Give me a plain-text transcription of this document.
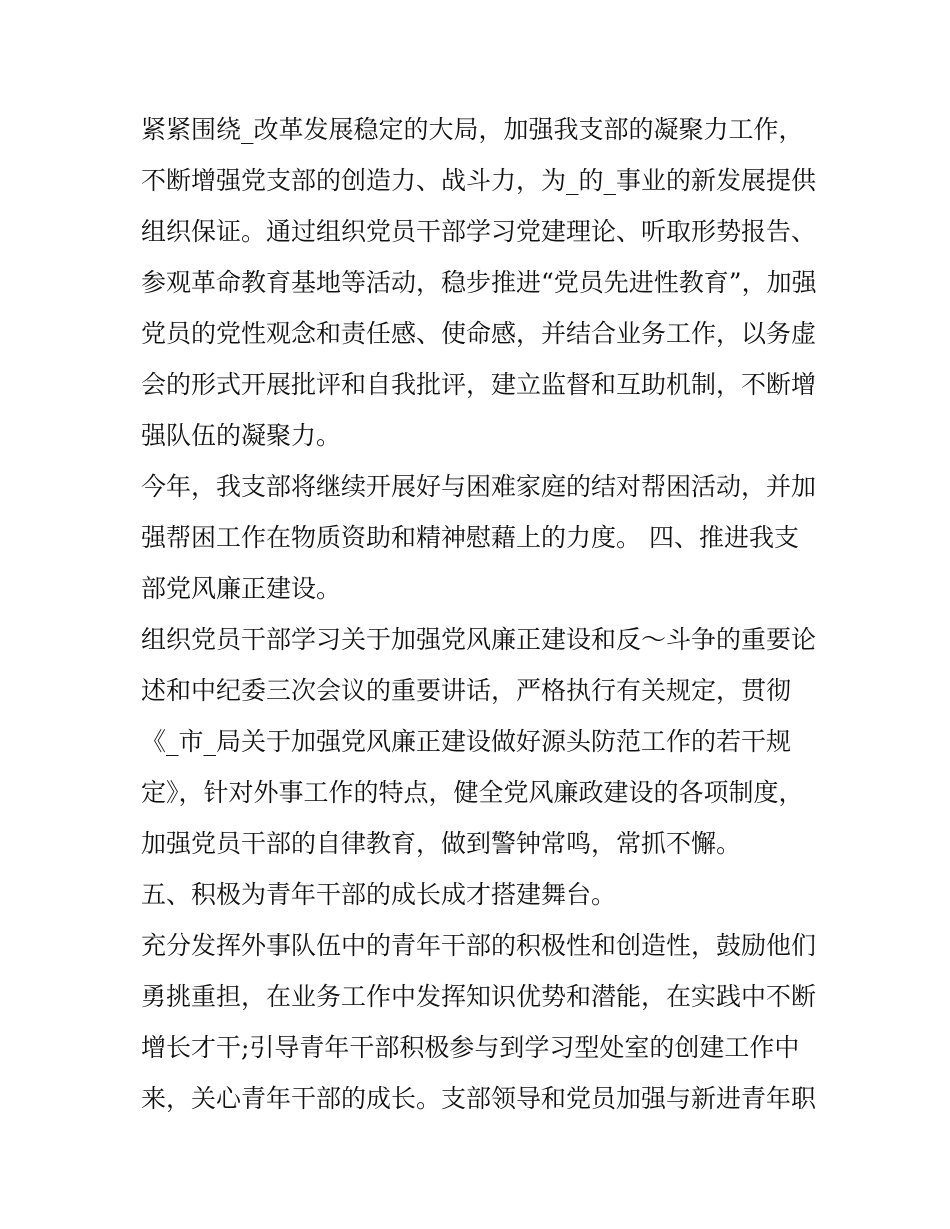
紧紧围绕_改革发展稳定的大局，加强我支部的凝聚力工作，
不断增强党支部的创造力、战斗力，为_的_事业的新发展提供
组织保证。通过组织党员干部学习党建理论、听取形势报告、
参观革命教育基地等活动，稳步推进“党员先进性教育”，加强
党员的党性观念和责任感、使命感，并结合业务工作，以务虚
会的形式开展批评和自我批评，建立监督和互助机制，不断增
强队伍的凝聚力。
今年，我支部将继续开展好与困难家庭的结对帮困活动，并加
强帮困工作在物质资助和精神慰藉上的力度。 四、推进我支
部党风廉正建设。
组织党员干部学习关于加强党风廉正建设和反～斗争的重要论
述和中纪委三次会议的重要讲话，严格执行有关规定，贯彻
《_市_局关于加强党风廉正建设做好源头防范工作的若干规
定》，针对外事工作的特点，健全党风廉政建设的各项制度，
加强党员干部的自律教育，做到警钟常鸣，常抓不懈。
五、积极为青年干部的成长成才搭建舞台。
充分发挥外事队伍中的青年干部的积极性和创造性，鼓励他们
勇挑重担，在业务工作中发挥知识优势和潜能，在实践中不断
增长才干;引导青年干部积极参与到学习型处室的创建工作中
来，关心青年干部的成长。支部领导和党员加强与新进青年职
